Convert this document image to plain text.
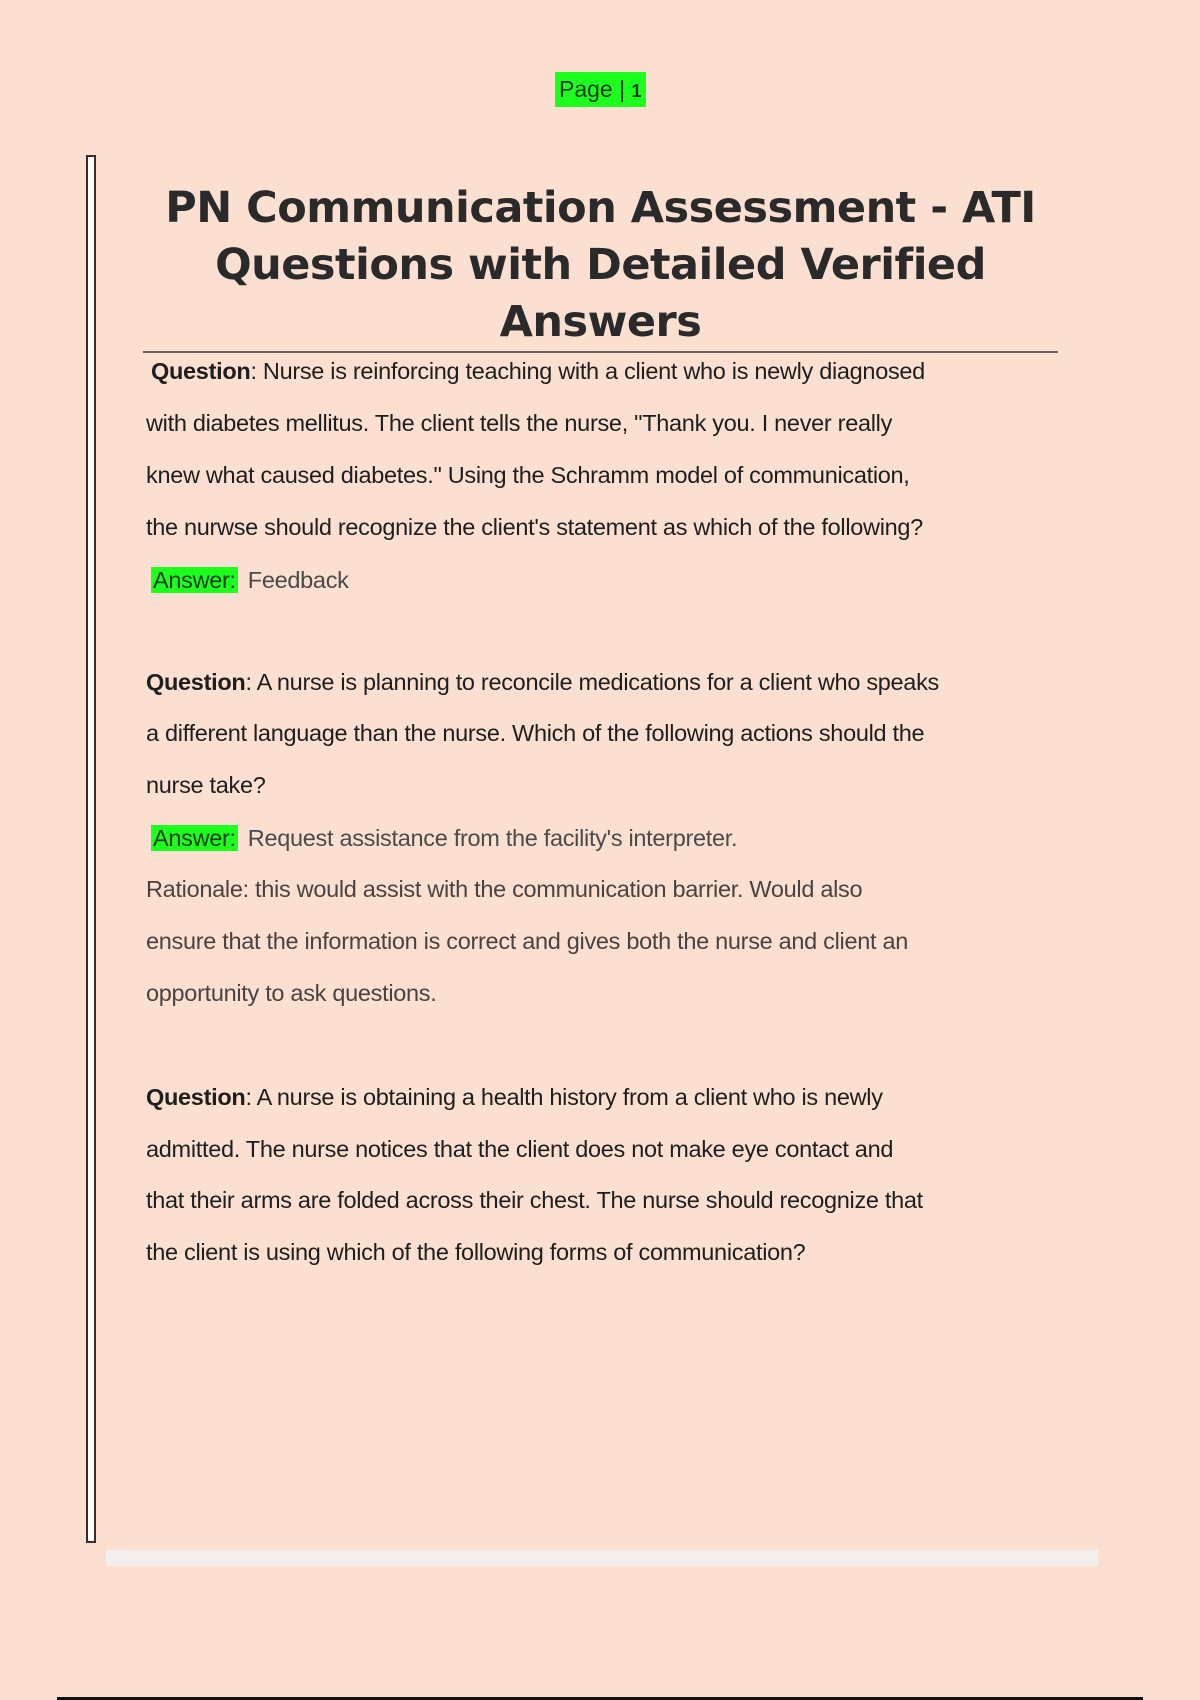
Page | 1
PN Communication Assessment - ATI
Questions with Detailed Verified
Answers
Question: Nurse is reinforcing teaching with a client who is newly diagnosed
with diabetes mellitus. The client tells the nurse, "Thank you. I never really
knew what caused diabetes." Using the Schramm model of communication,
the nurwse should recognize the client's statement as which of the following?
Answer: Feedback
Question: A nurse is planning to reconcile medications for a client who speaks
a different language than the nurse. Which of the following actions should the
nurse take?
Answer: Request assistance from the facility's interpreter.
Rationale: this would assist with the communication barrier. Would also
ensure that the information is correct and gives both the nurse and client an
opportunity to ask questions.
Question: A nurse is obtaining a health history from a client who is newly
admitted. The nurse notices that the client does not make eye contact and
that their arms are folded across their chest. The nurse should recognize that
the client is using which of the following forms of communication?
